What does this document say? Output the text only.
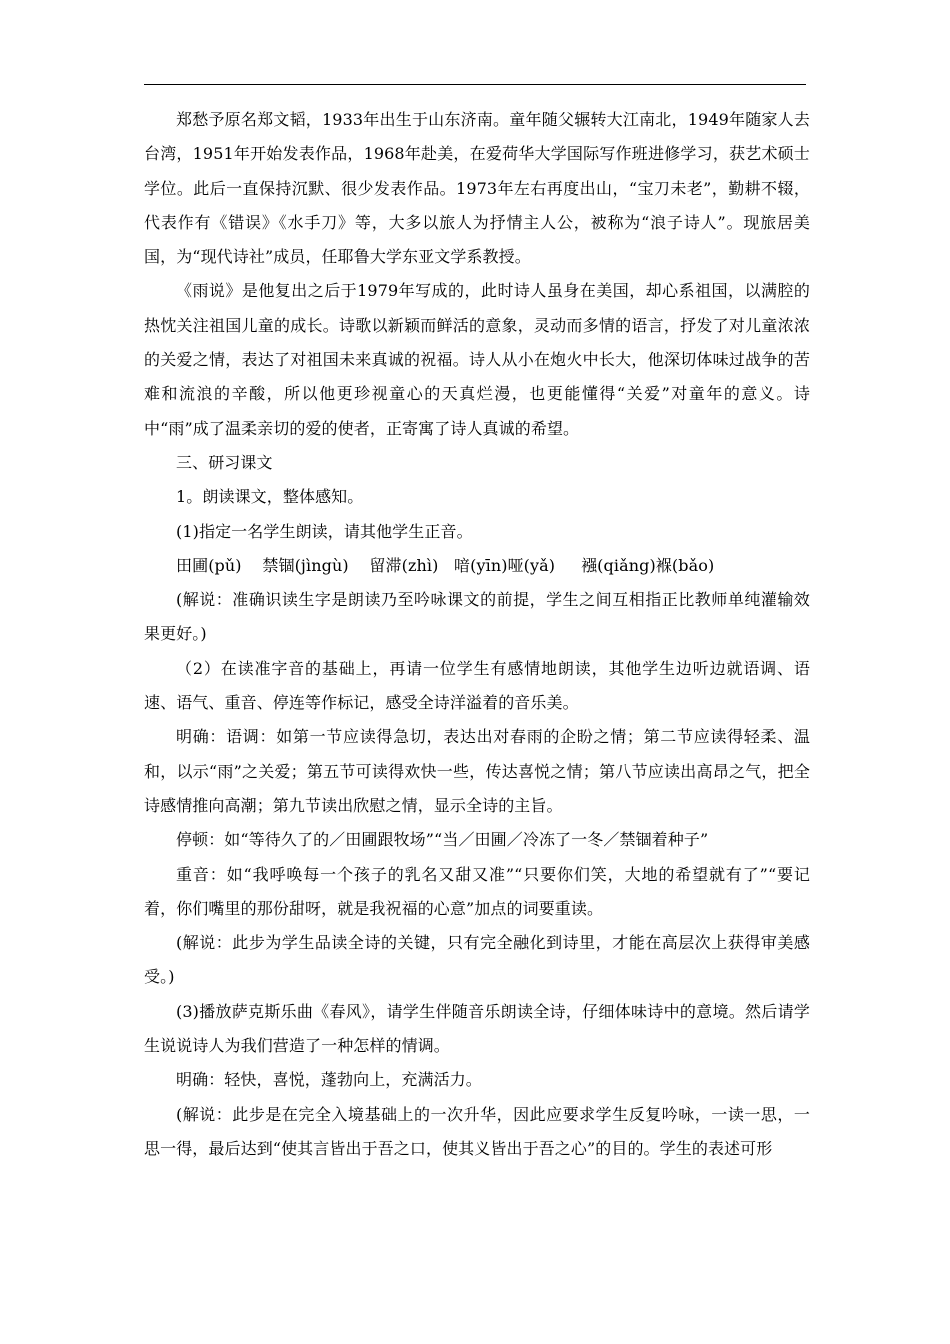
郑愁予原名郑文韬，1933年出生于山东济南。童年随父辗转大江南北，1949年随家人去台湾，1951年开始发表作品，1968年赴美，在爱荷华大学国际写作班进修学习，获艺术硕士学位。此后一直保持沉默、很少发表作品。1973年左右再度出山，“宝刀未老”，勤耕不辍，代表作有《错误》《水手刀》等，大多以旅人为抒情主人公，被称为“浪子诗人”。现旅居美国，为“现代诗社”成员，任耶鲁大学东亚文学系教授。

《雨说》是他复出之后于1979年写成的，此时诗人虽身在美国，却心系祖国，以满腔的热忱关注祖国儿童的成长。诗歌以新颖而鲜活的意象，灵动而多情的语言，抒发了对儿童浓浓的关爱之情，表达了对祖国未来真诚的祝福。诗人从小在炮火中长大，他深切体味过战争的苦难和流浪的辛酸，所以他更珍视童心的天真烂漫，也更能懂得“关爱”对童年的意义。诗中“雨”成了温柔亲切的爱的使者，正寄寓了诗人真诚的希望。

三、研习课文

1。朗读课文，整体感知。

(1)指定一名学生朗读，请其他学生正音。

田圃(pǔ)    禁锢(jìngù)    留滞(zhì)   喑(yīn)哑(yǎ)     襁(qiǎng)褓(bǎo)

(解说：准确识读生字是朗读乃至吟咏课文的前提，学生之间互相指正比教师单纯灌输效果更好。)

（2）在读准字音的基础上，再请一位学生有感情地朗读，其他学生边听边就语调、语速、语气、重音、停连等作标记，感受全诗洋溢着的音乐美。

明确：语调：如第一节应读得急切，表达出对春雨的企盼之情；第二节应读得轻柔、温和，以示“雨”之关爱；第五节可读得欢快一些，传达喜悦之情；第八节应读出高昂之气，把全诗感情推向高潮；第九节读出欣慰之情，显示全诗的主旨。

停顿：如“等待久了的／田圃跟牧场”“当／田圃／冷冻了一冬／禁锢着种子”

重音：如“我呼唤每一个孩子的乳名又甜又准”“只要你们笑，大地的希望就有了”“要记着，你们嘴里的那份甜呀，就是我祝福的心意”加点的词要重读。

(解说：此步为学生品读全诗的关键，只有完全融化到诗里，才能在高层次上获得审美感受。)

(3)播放萨克斯乐曲《春风》，请学生伴随音乐朗读全诗，仔细体味诗中的意境。然后请学生说说诗人为我们营造了一种怎样的情调。

明确：轻快，喜悦，蓬勃向上，充满活力。

(解说：此步是在完全入境基础上的一次升华，因此应要求学生反复吟咏，一读一思，一思一得，最后达到“使其言皆出于吾之口，使其义皆出于吾之心”的目的。学生的表述可形
